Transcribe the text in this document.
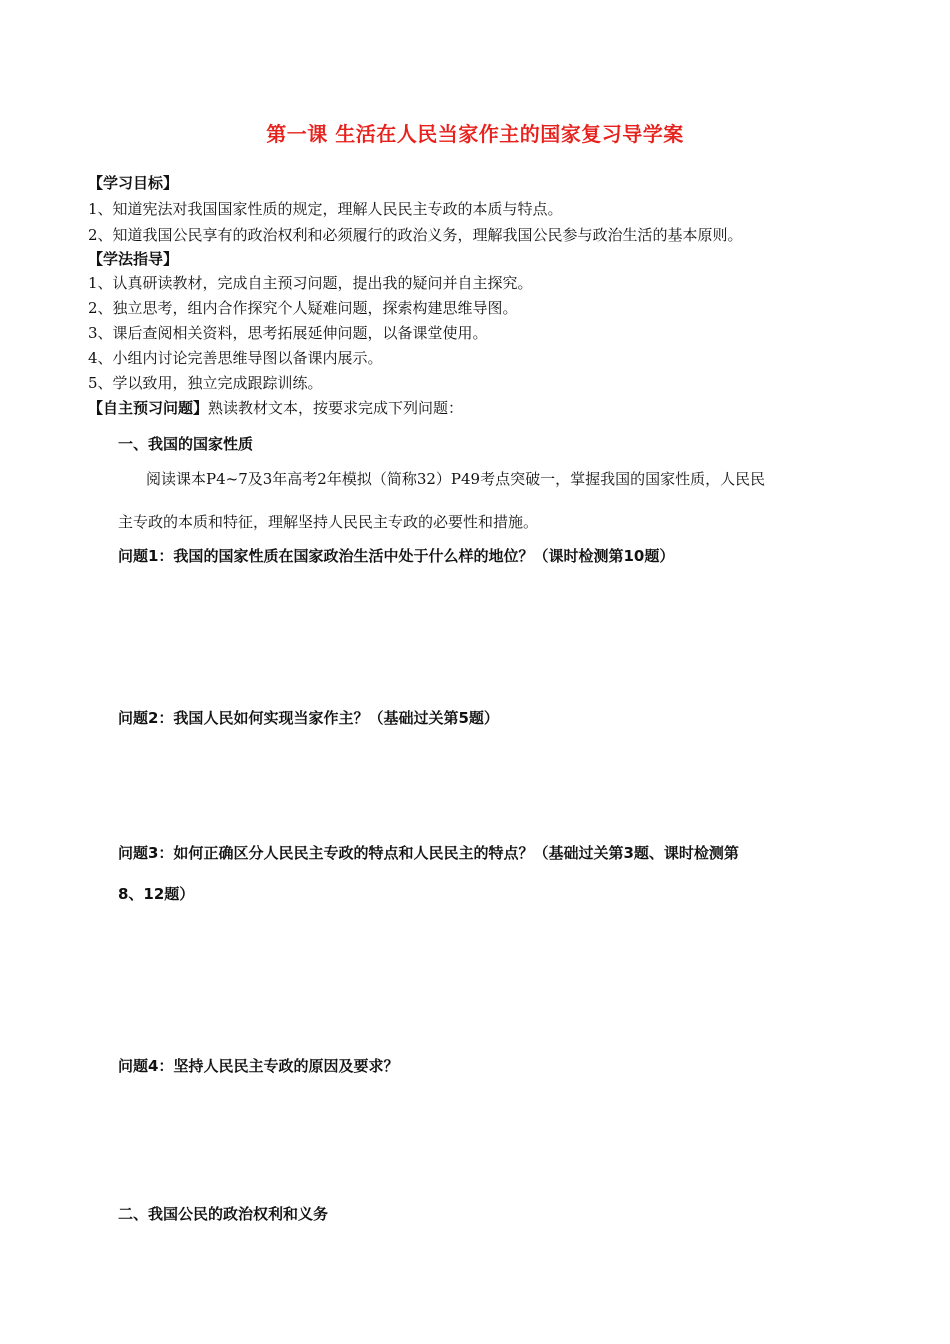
第一课 生活在人民当家作主的国家复习导学案
【学习目标】
1、知道宪法对我国国家性质的规定，理解人民民主专政的本质与特点。
2、知道我国公民享有的政治权利和必须履行的政治义务，理解我国公民参与政治生活的基本原则。
【学法指导】
1、认真研读教材，完成自主预习问题，提出我的疑问并自主探究。
2、独立思考，组内合作探究个人疑难问题，探索构建思维导图。
3、课后查阅相关资料，思考拓展延伸问题，以备课堂使用。
4、小组内讨论完善思维导图以备课内展示。
5、学以致用，独立完成跟踪训练。
【自主预习问题】熟读教材文本，按要求完成下列问题：
一、我国的国家性质
阅读课本P4~7及3年高考2年模拟（简称32）P49考点突破一，掌握我国的国家性质，人民民
主专政的本质和特征，理解坚持人民民主专政的必要性和措施。
问题1：我国的国家性质在国家政治生活中处于什么样的地位？（课时检测第10题）
问题2：我国人民如何实现当家作主？（基础过关第5题）
问题3：如何正确区分人民民主专政的特点和人民民主的特点？（基础过关第3题、课时检测第
8、12题）
问题4：坚持人民民主专政的原因及要求？
二、我国公民的政治权利和义务
